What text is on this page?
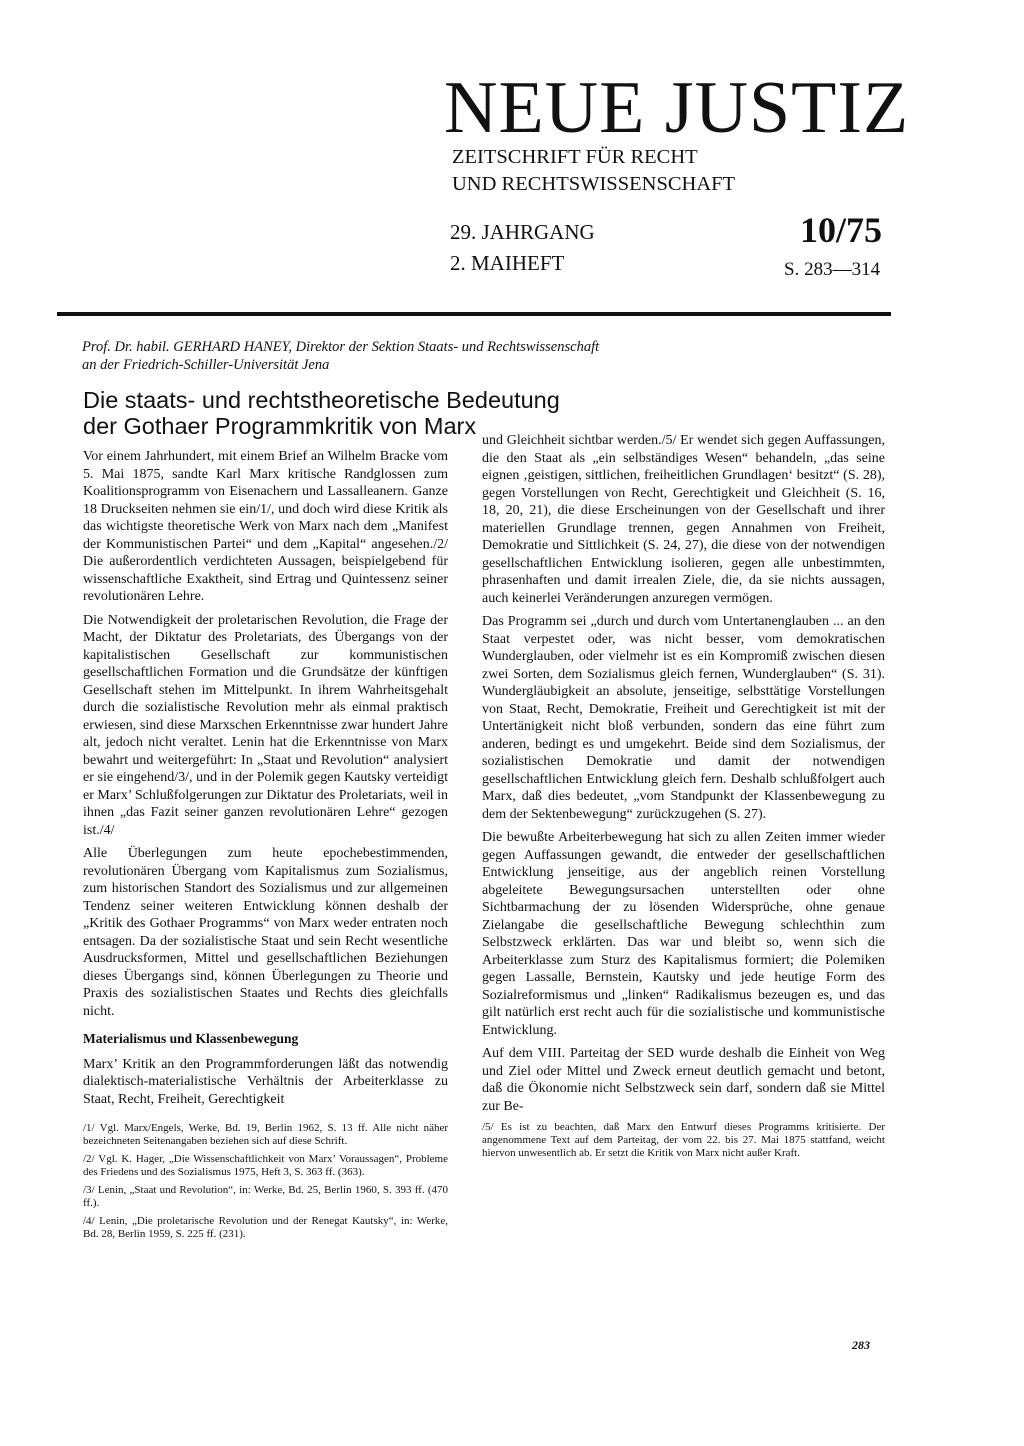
NEUE JUSTIZ
ZEITSCHRIFT FÜR RECHT
UND RECHTSWISSENSCHAFT
29. JAHRGANG
2. MAIHEFT
10/75
S. 283—314

Prof. Dr. habil. GERHARD HANEY, Direktor der Sektion Staats- und Rechtswissenschaft

an der Friedrich-Schiller-Universität Jena

Die staats- und rechtstheoretische Bedeutung
der Gothaer Programmkritik von Marx

Vor einem Jahrhundert, mit einem Brief an Wilhelm Bracke vom 5. Mai 1875, sandte Karl Marx kritische Randglossen zum Koalitionsprogramm von Eisenachern und Lassalleanern. Ganze 18 Druckseiten nehmen sie ein/1/, und doch wird diese Kritik als das wichtigste theoretische Werk von Marx nach dem „Manifest der Kommunistischen Partei“ und dem „Kapital“ angesehen./2/ Die außerordentlich verdichteten Aussagen, beispielgebend für wissenschaftliche Exaktheit, sind Ertrag und Quintessenz seiner revolutionären Lehre.

Die Notwendigkeit der proletarischen Revolution, die Frage der Macht, der Diktatur des Proletariats, des Übergangs von der kapitalistischen Gesellschaft zur kommunistischen gesellschaftlichen Formation und die Grundsätze der künftigen Gesellschaft stehen im Mittelpunkt. In ihrem Wahrheitsgehalt durch die sozialistische Revolution mehr als einmal praktisch erwiesen, sind diese Marxschen Erkenntnisse zwar hundert Jahre alt, jedoch nicht veraltet. Lenin hat die Erkenntnisse von Marx bewahrt und weitergeführt: In „Staat und Revolution“ analysiert er sie eingehend/3/, und in der Polemik gegen Kautsky verteidigt er Marx’ Schlußfolgerungen zur Diktatur des Proletariats, weil in ihnen „das Fazit seiner ganzen revolutionären Lehre“ gezogen ist./4/

Alle Überlegungen zum heute epochebestimmenden, revolutionären Übergang vom Kapitalismus zum Sozialismus, zum historischen Standort des Sozialismus und zur allgemeinen Tendenz seiner weiteren Entwicklung können deshalb der „Kritik des Gothaer Programms“ von Marx weder entraten noch entsagen. Da der sozialistische Staat und sein Recht wesentliche Ausdrucksformen, Mittel und gesellschaftlichen Beziehungen dieses Übergangs sind, können Überlegungen zu Theorie und Praxis des sozialistischen Staates und Rechts dies gleichfalls nicht.

Materialismus und Klassenbewegung

Marx’ Kritik an den Programmforderungen läßt das notwendig dialektisch-materialistische Verhältnis der Arbeiterklasse zu Staat, Recht, Freiheit, Gerechtigkeit

/1/ Vgl. Marx/Engels, Werke, Bd. 19, Berlin 1962, S. 13 ff. Alle nicht näher bezeichneten Seitenangaben beziehen sich auf diese Schrift.

/2/ Vgl. K. Hager, „Die Wissenschaftlichkeit von Marx’ Voraussagen“, Probleme des Friedens und des Sozialismus 1975, Heft 3, S. 363 ff. (363).

/3/ Lenin, „Staat und Revolution“, in: Werke, Bd. 25, Berlin 1960, S. 393 ff. (470 ff.).

/4/ Lenin, „Die proletarische Revolution und der Renegat Kautsky“, in: Werke, Bd. 28, Berlin 1959, S. 225 ff. (231).

und Gleichheit sichtbar werden./5/ Er wendet sich gegen Auffassungen, die den Staat als „ein selbständiges Wesen“ behandeln, „das seine eignen ‚geistigen, sittlichen, freiheitlichen Grundlagen‘ besitzt“ (S. 28), gegen Vorstellungen von Recht, Gerechtigkeit und Gleichheit (S. 16, 18, 20, 21), die diese Erscheinungen von der Gesellschaft und ihrer materiellen Grundlage trennen, gegen Annahmen von Freiheit, Demokratie und Sittlichkeit (S. 24, 27), die diese von der notwendigen gesellschaftlichen Entwicklung isolieren, gegen alle unbestimmten, phrasenhaften und damit irrealen Ziele, die, da sie nichts aussagen, auch keinerlei Veränderungen anzuregen vermögen.

Das Programm sei „durch und durch vom Untertanenglauben ... an den Staat verpestet oder, was nicht besser, vom demokratischen Wunderglauben, oder vielmehr ist es ein Kompromiß zwischen diesen zwei Sorten, dem Sozialismus gleich fernen, Wunderglauben“ (S. 31). Wundergläubigkeit an absolute, jenseitige, selbsttätige Vorstellungen von Staat, Recht, Demokratie, Freiheit und Gerechtigkeit ist mit der Untertänigkeit nicht bloß verbunden, sondern das eine führt zum anderen, bedingt es und umgekehrt. Beide sind dem Sozialismus, der sozialistischen Demokratie und damit der notwendigen gesellschaftlichen Entwicklung gleich fern. Deshalb schlußfolgert auch Marx, daß dies bedeutet, „vom Standpunkt der Klassenbewegung zu dem der Sektenbewegung“ zurückzugehen (S. 27).

Die bewußte Arbeiterbewegung hat sich zu allen Zeiten immer wieder gegen Auffassungen gewandt, die entweder der gesellschaftlichen Entwicklung jenseitige, aus der angeblich reinen Vorstellung abgeleitete Bewegungsursachen unterstellten oder ohne Sichtbarmachung der zu lösenden Widersprüche, ohne genaue Zielangabe die gesellschaftliche Bewegung schlechthin zum Selbstzweck erklärten. Das war und bleibt so, wenn sich die Arbeiterklasse zum Sturz des Kapitalismus formiert; die Polemiken gegen Lassalle, Bernstein, Kautsky und jede heutige Form des Sozialreformismus und „linken“ Radikalismus bezeugen es, und das gilt natürlich erst recht auch für die sozialistische und kommunistische Entwicklung.

Auf dem VIII. Parteitag der SED wurde deshalb die Einheit von Weg und Ziel oder Mittel und Zweck erneut deutlich gemacht und betont, daß die Ökonomie nicht Selbstzweck sein darf, sondern daß sie Mittel zur Be-

/5/ Es ist zu beachten, daß Marx den Entwurf dieses Programms kritisierte. Der angenommene Text auf dem Parteitag, der vom 22. bis 27. Mai 1875 stattfand, weicht hiervon unwesentlich ab. Er setzt die Kritik von Marx nicht außer Kraft.

283
